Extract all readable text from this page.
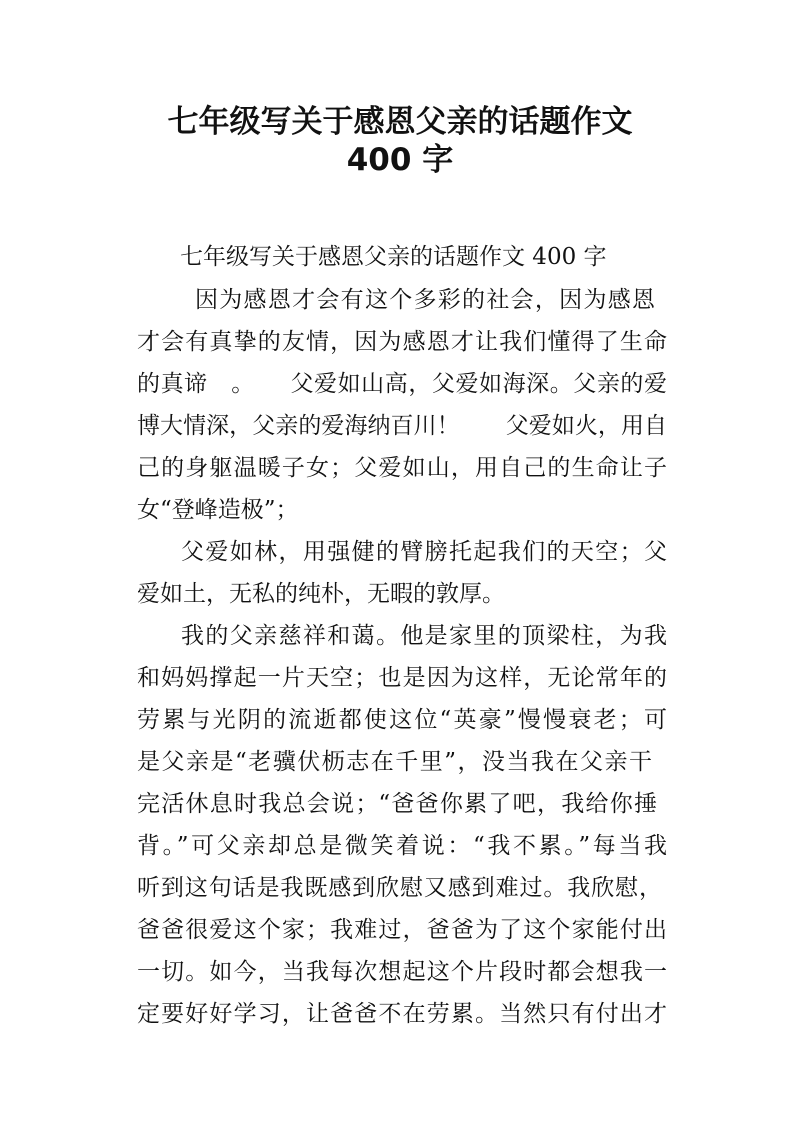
七年级写关于感恩父亲的话题作文
400 字
七年级写关于感恩父亲的话题作文 400 字
因为感恩才会有这个多彩的社会，因为感恩
才会有真挚的友情，因为感恩才让我们懂得了生命
的真谛　。　　父爱如山高，父爱如海深。父亲的爱
博大情深，父亲的爱海纳百川！　　父爱如火，用自
己的身躯温暖子女；父爱如山，用自己的生命让子
女“登峰造极”；
父爱如林，用强健的臂膀托起我们的天空；父
爱如土，无私的纯朴，无暇的敦厚。
我的父亲慈祥和蔼。他是家里的顶梁柱，为我
和妈妈撑起一片天空；也是因为这样，无论常年的
劳累与光阴的流逝都使这位“英豪”慢慢衰老；可
是父亲是“老骥伏枥志在千里”，没当我在父亲干
完活休息时我总会说；“爸爸你累了吧，我给你捶
背。”可父亲却总是微笑着说：“我不累。”每当我
听到这句话是我既感到欣慰又感到难过。我欣慰，
爸爸很爱这个家；我难过，爸爸为了这个家能付出
一切。如今，当我每次想起这个片段时都会想我一
定要好好学习，让爸爸不在劳累。当然只有付出才
